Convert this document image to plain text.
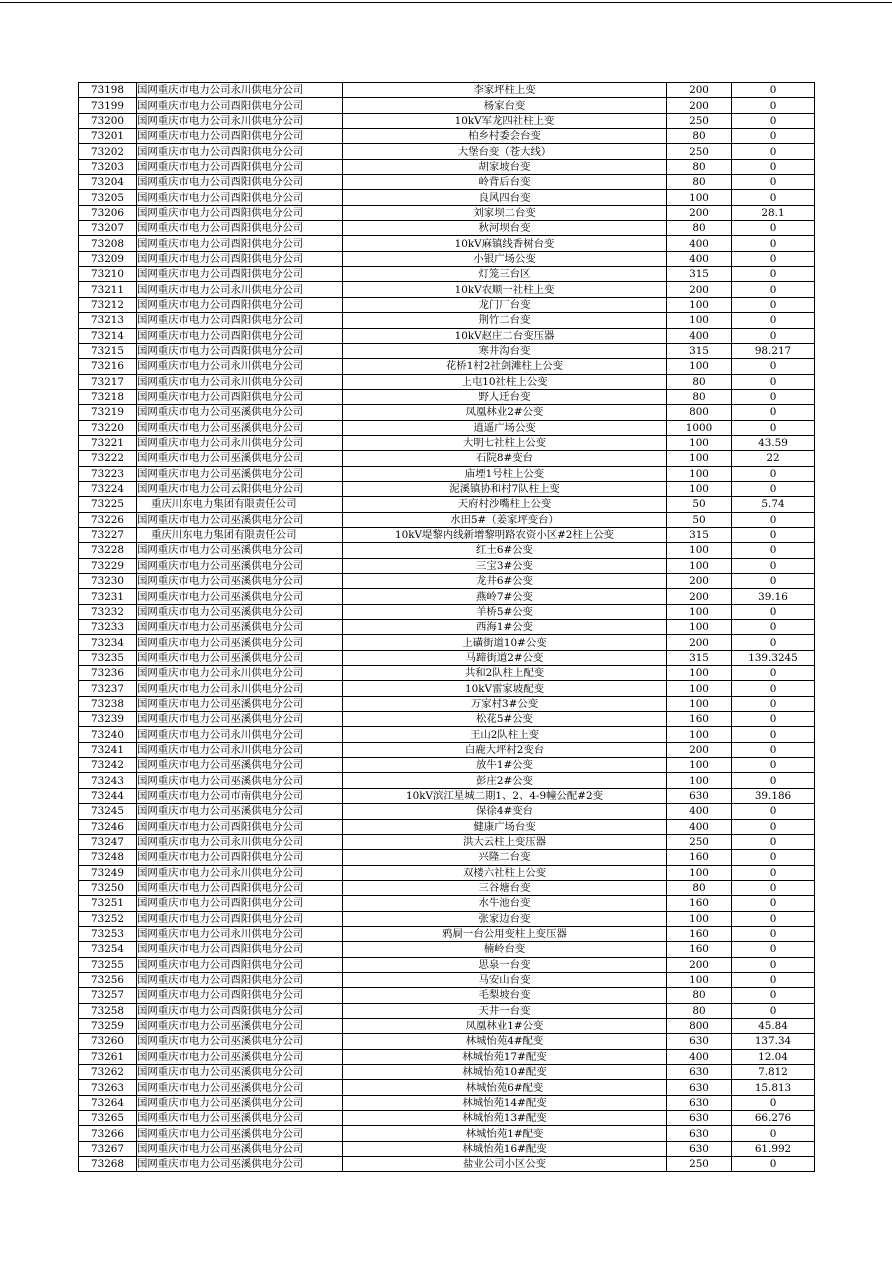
73198	国网重庆市电力公司永川供电分公司	李家坪柱上变	200	0
73199	国网重庆市电力公司酉阳供电分公司	杨家台变	200	0
73200	国网重庆市电力公司永川供电分公司	10kV军龙四社柱上变	250	0
73201	国网重庆市电力公司酉阳供电分公司	柏乡村委会台变	80	0
73202	国网重庆市电力公司酉阳供电分公司	大堡台变（苍大线）	250	0
73203	国网重庆市电力公司酉阳供电分公司	胡家坡台变	80	0
73204	国网重庆市电力公司酉阳供电分公司	岭背后台变	80	0
73205	国网重庆市电力公司酉阳供电分公司	良风四台变	100	0
73206	国网重庆市电力公司酉阳供电分公司	刘家坝二台变	200	28.1
73207	国网重庆市电力公司酉阳供电分公司	秋河坝台变	80	0
73208	国网重庆市电力公司酉阳供电分公司	10kV麻镇线香树台变	400	0
73209	国网重庆市电力公司酉阳供电分公司	小银广场公变	400	0
73210	国网重庆市电力公司酉阳供电分公司	灯笼三台区	315	0
73211	国网重庆市电力公司永川供电分公司	10kV农顺一社柱上变	200	0
73212	国网重庆市电力公司酉阳供电分公司	龙门厂台变	100	0
73213	国网重庆市电力公司酉阳供电分公司	荆竹二台变	100	0
73214	国网重庆市电力公司酉阳供电分公司	10kV赵庄二台变压器	400	0
73215	国网重庆市电力公司酉阳供电分公司	寒井沟台变	315	98.217
73216	国网重庆市电力公司永川供电分公司	花桥1村2社剑滩柱上公变	100	0
73217	国网重庆市电力公司永川供电分公司	上屯10社柱上公变	80	0
73218	国网重庆市电力公司酉阳供电分公司	野人迁台变	80	0
73219	国网重庆市电力公司巫溪供电分公司	凤凰林业2#公变	800	0
73220	国网重庆市电力公司巫溪供电分公司	逍遥广场公变	1000	0
73221	国网重庆市电力公司永川供电分公司	大明七社柱上公变	100	43.59
73222	国网重庆市电力公司巫溪供电分公司	石院8#变台	100	22
73223	国网重庆市电力公司巫溪供电分公司	庙堙1号柱上公变	100	0
73224	国网重庆市电力公司云阳供电分公司	泥溪镇协和村7队柱上变	100	0
73225	重庆川东电力集团有限责任公司	天府村沙嘴柱上公变	50	5.74
73226	国网重庆市电力公司巫溪供电分公司	水田5#（姜家坪变台）	50	0
73227	重庆川东电力集团有限责任公司	10kV堤黎内线新增黎明路农资小区#2柱上公变	315	0
73228	国网重庆市电力公司巫溪供电分公司	红土6#公变	100	0
73229	国网重庆市电力公司巫溪供电分公司	三宝3#公变	100	0
73230	国网重庆市电力公司巫溪供电分公司	龙井6#公变	200	0
73231	国网重庆市电力公司巫溪供电分公司	燕岭7#公变	200	39.16
73232	国网重庆市电力公司巫溪供电分公司	羊桥5#公变	100	0
73233	国网重庆市电力公司巫溪供电分公司	西海1#公变	100	0
73234	国网重庆市电力公司巫溪供电分公司	上磺街道10#公变	200	0
73235	国网重庆市电力公司巫溪供电分公司	马蹄街道2#公变	315	139.3245
73236	国网重庆市电力公司永川供电分公司	共和2队柱上配变	100	0
73237	国网重庆市电力公司永川供电分公司	10kV雷家坡配变	100	0
73238	国网重庆市电力公司巫溪供电分公司	万家村3#公变	100	0
73239	国网重庆市电力公司巫溪供电分公司	松花5#公变	160	0
73240	国网重庆市电力公司永川供电分公司	王山2队柱上变	100	0
73241	国网重庆市电力公司永川供电分公司	白鹿大坪村2变台	200	0
73242	国网重庆市电力公司巫溪供电分公司	放牛1#公变	100	0
73243	国网重庆市电力公司巫溪供电分公司	彭庄2#公变	100	0
73244	国网重庆市电力公司市南供电分公司	10kV滨江星城二期1、2、4-9幢公配#2变	630	39.186
73245	国网重庆市电力公司巫溪供电分公司	保徐4#变台	400	0
73246	国网重庆市电力公司酉阳供电分公司	健康广场台变	400	0
73247	国网重庆市电力公司永川供电分公司	洪大云柱上变压器	250	0
73248	国网重庆市电力公司酉阳供电分公司	兴隆二台变	160	0
73249	国网重庆市电力公司永川供电分公司	双楼六社柱上公变	100	0
73250	国网重庆市电力公司酉阳供电分公司	三谷塘台变	80	0
73251	国网重庆市电力公司酉阳供电分公司	水牛池台变	160	0
73252	国网重庆市电力公司酉阳供电分公司	张家边台变	100	0
73253	国网重庆市电力公司永川供电分公司	鸦屙一台公用变柱上变压器	160	0
73254	国网重庆市电力公司酉阳供电分公司	楠岭台变	160	0
73255	国网重庆市电力公司酉阳供电分公司	思泉一台变	200	0
73256	国网重庆市电力公司酉阳供电分公司	马安山台变	100	0
73257	国网重庆市电力公司酉阳供电分公司	毛梨坡台变	80	0
73258	国网重庆市电力公司酉阳供电分公司	天井一台变	80	0
73259	国网重庆市电力公司巫溪供电分公司	凤凰林业1#公变	800	45.84
73260	国网重庆市电力公司巫溪供电分公司	林城怡苑4#配变	630	137.34
73261	国网重庆市电力公司巫溪供电分公司	林城怡苑17#配变	400	12.04
73262	国网重庆市电力公司巫溪供电分公司	林城怡苑10#配变	630	7.812
73263	国网重庆市电力公司巫溪供电分公司	林城怡苑6#配变	630	15.813
73264	国网重庆市电力公司巫溪供电分公司	林城怡苑14#配变	630	0
73265	国网重庆市电力公司巫溪供电分公司	林城怡苑13#配变	630	66.276
73266	国网重庆市电力公司巫溪供电分公司	林城怡苑1#配变	630	0
73267	国网重庆市电力公司巫溪供电分公司	林城怡苑16#配变	630	61.992
73268	国网重庆市电力公司巫溪供电分公司	盐业公司小区公变	250	0
